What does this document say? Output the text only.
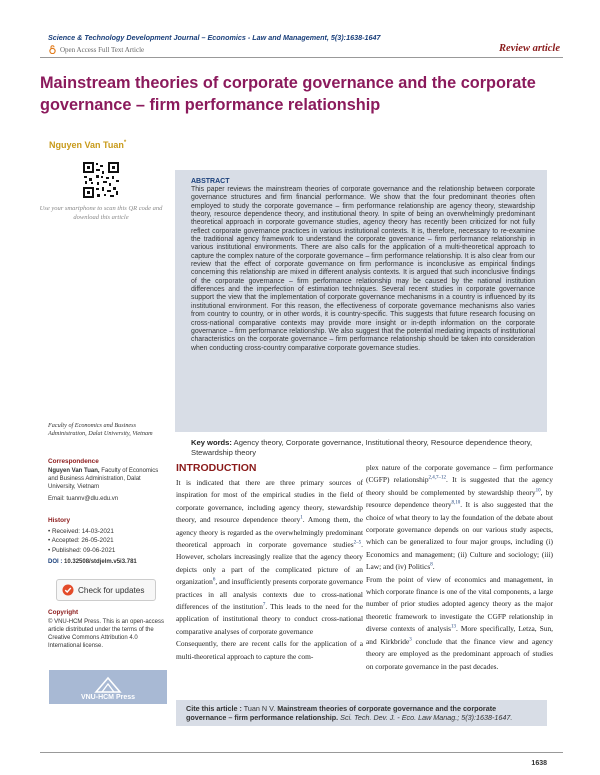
Science & Technology Development Journal – Economics - Law and Management, 5(3):1638-1647
Open Access Full Text Article	Review article
Mainstream theories of corporate governance and the corporate governance – firm performance relationship
Nguyen Van Tuan*
Use your smartphone to scan this QR code and download this article
ABSTRACT

This paper reviews the mainstream theories of corporate governance and the relationship between corporate governance structures and firm financial performance. We show that the four predominant theories often employed to study the corporate governance – firm performance relationship are agency theory, stewardship theory, resource dependence theory, and institutional theory. In spite of being an overwhelmingly predominant theoretical approach in corporate governance studies, agency theory has recently been criticized for not fully reflect corporate governance practices in various institutional contexts. It is, therefore, necessary to re-examine the traditional agency framework to understand the corporate governance – firm performance relationship in various institutional environments. There are also calls for the application of a multi-theoretical approach to capture the complex nature of the corporate governance – firm performance relationship. It is also clear from our review that the effect of corporate governance on firm performance is inconclusive as empirical findings concerning this relationship are mixed in different analysis contexts. It is argued that such inconclusive findings of the corporate governance – firm performance relationship may be caused by the national institution differences and the imperfection of estimation techniques. Several recent studies in corporate governance support the view that the implementation of corporate governance mechanisms in a country is influenced by its institutional environment. For this reason, the effectiveness of corporate governance mechanisms also varies from country to country, or in other words, it is country-specific. This suggests that future research focusing on cross-national comparative contexts may provide more insight or in-depth information on the corporate governance – firm performance relationship. We also suggest that the potential mediating impacts of institutional characteristics on the corporate governance – firm performance relationship should be taken into consideration when conducting cross-country comparative corporate governance studies.

Key words: Agency theory, Corporate governance, Institutional theory, Resource dependence theory, Stewardship theory
Faculty of Economics and Business Administration, Dalat University, Vietnam
Correspondence
Nguyen Van Tuan, Faculty of Economics and Business Administration, Dalat University, Vietnam
Email: tuannv@dlu.edu.vn
History
• Received: 14-03-2021
• Accepted: 26-05-2021
• Published: 09-06-2021
DOI : 10.32508/stdjelm.v5i3.781
Check for updates
Copyright
© VNU-HCM Press. This is an open-access article distributed under the terms of the Creative Commons Attribution 4.0 International license.
VNU-HCM Press
INTRODUCTION

It is indicated that there are three primary sources of inspiration for most of the empirical studies in the field of corporate governance, including agency theory, stewardship theory, and resource dependence theory$^1$. Among them, the agency theory is regarded as the overwhelmingly predominant theoretical approach in corporate governance studies$^{2-5}$. However, scholars increasingly realize that the agency theory depicts only a part of the complicated picture of an organization$^6$, and insufficiently presents corporate governance practices in all analysis contexts due to cross-national differences of the institution$^7$. This leads to the need for the application of institutional theory to conduct cross-national comparative analyses of corporate governance

Consequently, there are recent calls for the application of a multi-theoretical approach to capture the com-

plex nature of the corporate governance – firm performance (CGFP) relationship$^{2,4,7-12}$. It is suggested that the agency theory should be complemented by stewardship theory$^{10}$, by resource dependence theory$^{8,10}$. It is also suggested that the choice of what theory to lay the foundation of the debate about corporate governance depends on our various study aspects, which can be generalized to four major groups, including (i) Economics and management; (ii) Culture and sociology; (iii) Law; and (iv) Politics$^8$.

From the point of view of economics and management, in which corporate finance is one of the vital components, a large number of prior studies adopted agency theory as the major theoretic framework to investigate the CGFP relationship in diverse contexts of analysis$^{13}$. More specifically, Letza, Sun, and Kirkbride$^3$ conclude that the finance view and agency theory are employed as the predominant approach of studies on corporate governance in the past decades.

Cite this article : Tuan N V. Mainstream theories of corporate governance and the corporate governance – firm performance relationship. Sci. Tech. Dev. J. - Eco. Law Manag.; 5(3):1638-1647.
1638
